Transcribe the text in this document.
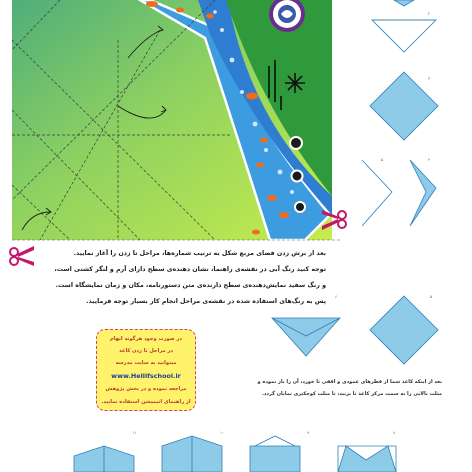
بعد از برش زدن فضای مربع شکل به ترتیب شماره‌ها، مراحل تا زدن را آغاز نمایید.
توجه کنید رنگ آبی در نقشه‌ی راهنما، نشان دهنده‌ی سطح دارای آرم و لنگر کشتی است،
و رنگ سفید نمایش‌دهنده‌ی سطح دارنده‌ی متن دستورنامه، مکان و زمان نمایشگاه است.
پس به رنگ‌های استفاده شده در نقشه‌ی مراحل انجام کار بسیار توجه فرمایید.
در صورت وجود هرگونه ابهام
در مراحل تا زدن کاغذ
میتوانید به سایت مدرسه
www.Hellifschool.ir
مراجعه نموده و در بخش پژوهش
از راهنمای انیمیشن استفاده نمایید.
۲
۳
۴
۵
۵
۶
۸
۹
۱۰
۱۱
بعد از اینکه کاغذ شما از قطرهای عمودی و افقی تا خورد، آن را باز نموده و
مثلث بالایی را به سمت مرکز کاغذ تا بزنید، تا مثلث کوچکتری نمایان گردد.
